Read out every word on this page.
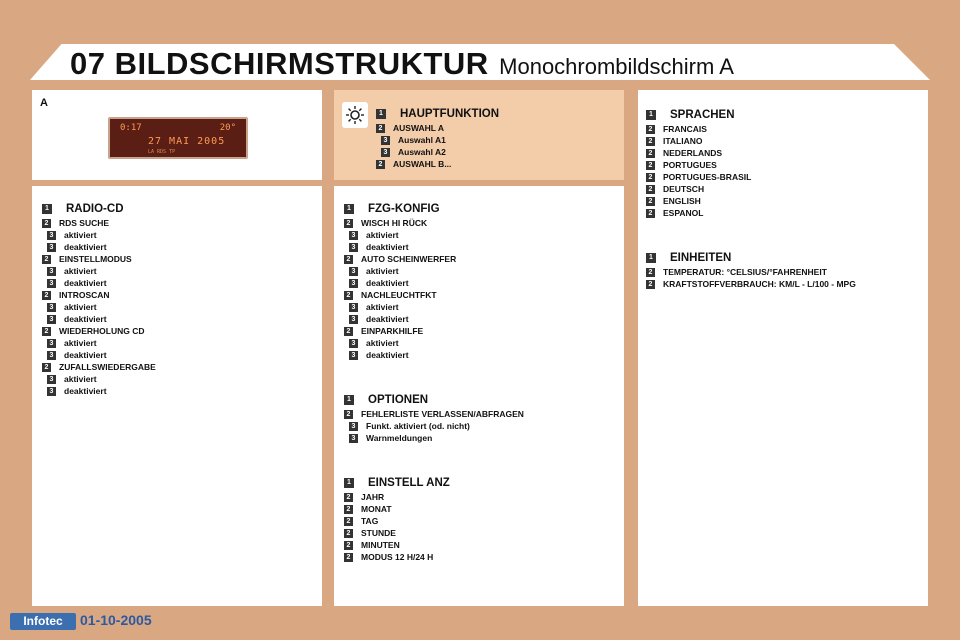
07 BILDSCHIRMSTRUKTUR Monochrombildschirm A
A
0:17	20°
27 MAI 2005
LA RDS TP
1 HAUPTFUNKTION
2 AUSWAHL A
3 Auswahl A1
3 Auswahl A2
2 AUSWAHL B...
1 RADIO-CD
2 RDS SUCHE
3 aktiviert
3 deaktiviert
2 EINSTELLMODUS
3 aktiviert
3 deaktiviert
2 INTROSCAN
3 aktiviert
3 deaktiviert
2 WIEDERHOLUNG CD
3 aktiviert
3 deaktiviert
2 ZUFALLSWIEDERGABE
3 aktiviert
3 deaktiviert
1 FZG-KONFIG
2 WISCH HI RÜCK
3 aktiviert
3 deaktiviert
2 AUTO SCHEINWERFER
3 aktiviert
3 deaktiviert
2 NACHLEUCHTFKT
3 aktiviert
3 deaktiviert
2 EINPARKHILFE
3 aktiviert
3 deaktiviert
1 OPTIONEN
2 FEHLERLISTE VERLASSEN/ABFRAGEN
3 Funkt. aktiviert (od. nicht)
3 Warnmeldungen
1 EINSTELL ANZ
2 JAHR
2 MONAT
2 TAG
2 STUNDE
2 MINUTEN
2 MODUS 12 H/24 H
1 SPRACHEN
2 FRANCAIS
2 ITALIANO
2 NEDERLANDS
2 PORTUGUES
2 PORTUGUES-BRASIL
2 DEUTSCH
2 ENGLISH
2 ESPANOL
1 EINHEITEN
2 TEMPERATUR: °CELSIUS/°FAHRENHEIT
2 KRAFTSTOFFVERBRAUCH: KM/L - L/100 - MPG
Infotec	01-10-2005
